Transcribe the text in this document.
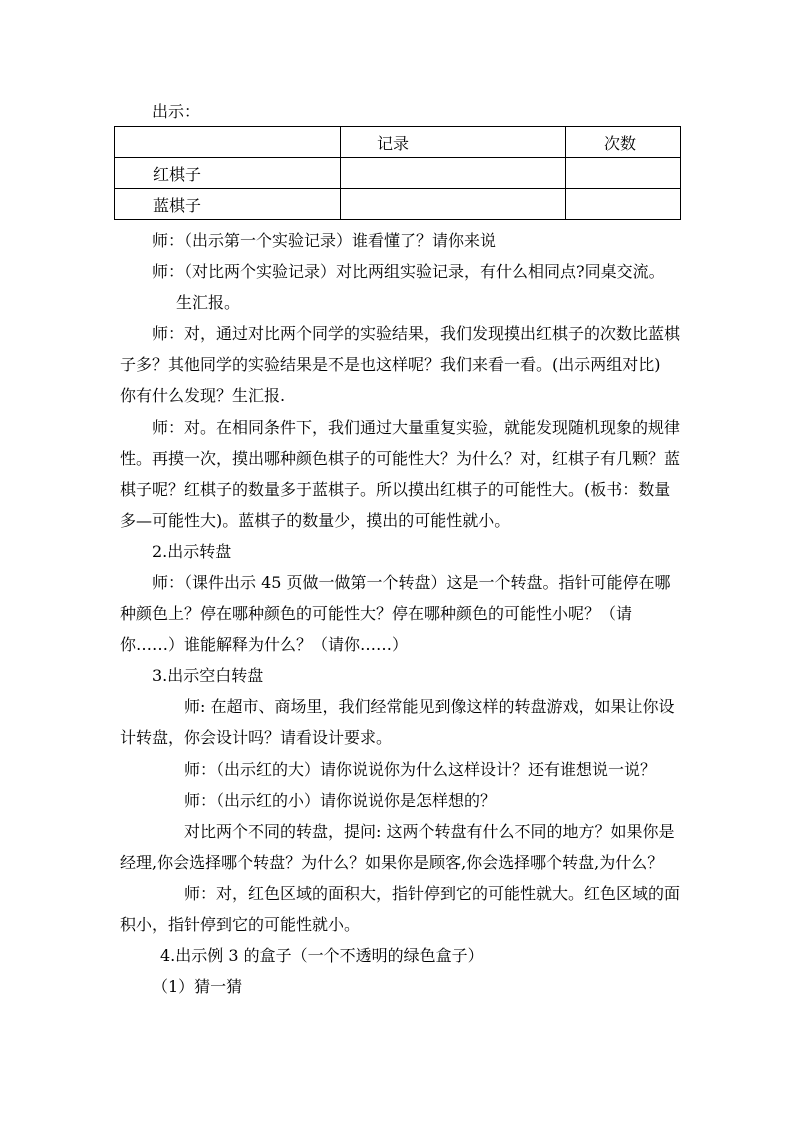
出示：
	记录	次数
红棋子		
蓝棋子		
师：（出示第一个实验记录）谁看懂了？请你来说
师：（对比两个实验记录）对比两组实验记录，有什么相同点?同桌交流。
生汇报。
师：对，通过对比两个同学的实验结果，我们发现摸出红棋子的次数比蓝棋
子多？其他同学的实验结果是不是也这样呢？我们来看一看。(出示两组对比)
你有什么发现？生汇报.
师：对。在相同条件下，我们通过大量重复实验，就能发现随机现象的规律
性。再摸一次，摸出哪种颜色棋子的可能性大？为什么？对，红棋子有几颗？蓝
棋子呢？红棋子的数量多于蓝棋子。所以摸出红棋子的可能性大。(板书：数量
多—可能性大)。蓝棋子的数量少，摸出的可能性就小。
2.出示转盘
师：（课件出示 45 页做一做第一个转盘）这是一个转盘。指针可能停在哪
种颜色上？停在哪种颜色的可能性大？停在哪种颜色的可能性小呢？（请
你……）谁能解释为什么？（请你……）
3.出示空白转盘
师: 在超市、商场里，我们经常能见到像这样的转盘游戏，如果让你设
计转盘，你会设计吗？请看设计要求。
师：（出示红的大）请你说说你为什么这样设计？还有谁想说一说？
师：（出示红的小）请你说说你是怎样想的？
对比两个不同的转盘，提问: 这两个转盘有什么不同的地方？如果你是
经理,你会选择哪个转盘？为什么？如果你是顾客,你会选择哪个转盘,为什么？
师：对，红色区域的面积大，指针停到它的可能性就大。红色区域的面
积小，指针停到它的可能性就小。
4.出示例 3 的盒子（一个不透明的绿色盒子）
（1）猜一猜
